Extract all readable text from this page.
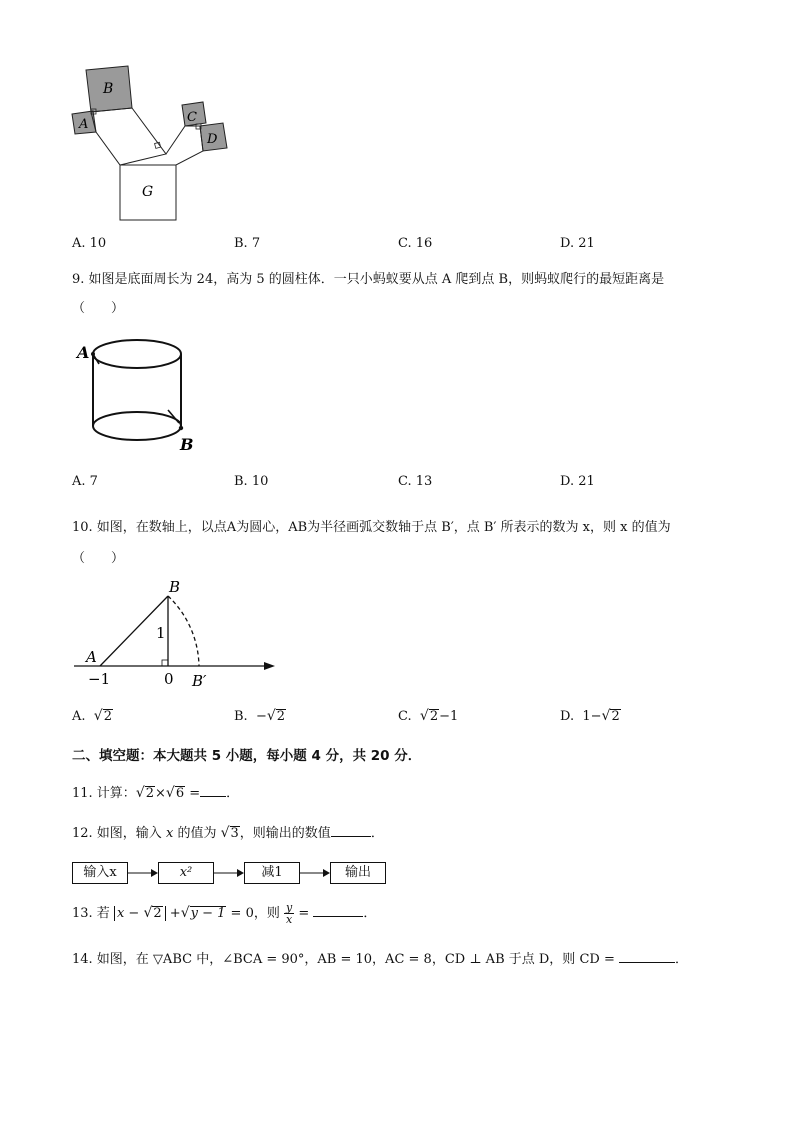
B
A	C
D
G
A. 10	B. 7	C. 16	D. 21
9. 如图是底面周长为 24，高为 5 的圆柱体．一只小蚂蚁要从点 A 爬到点 B，则蚂蚁爬行的最短距离是
（　　）
A
B
A. 7	B. 10	C. 13	D. 21
10. 如图，在数轴上，以点A为圆心，AB为半径画弧交数轴于点 B′，点 B′ 所表示的数为 x，则 x 的值为
（　　）
B
A
1
−1	0 B′
A. √2	B. −√2	C. √2−1	D. 1−√2
二、填空题：本大题共 5 小题，每小题 4 分，共 20 分．
11. 计算：√2×√6 = ．
12. 如图，输入 x 的值为 √3，则输出的数值	．
输入x	x²	减1	输出
13. 若 x − √2 +√y − 1 = 0，则 $\frac{y}{x}$ =	．
14. 如图，在 ▽ABC 中，∠BCA = 90°，AB = 10，AC = 8，CD ⊥ AB 于点 D，则 CD =	．
